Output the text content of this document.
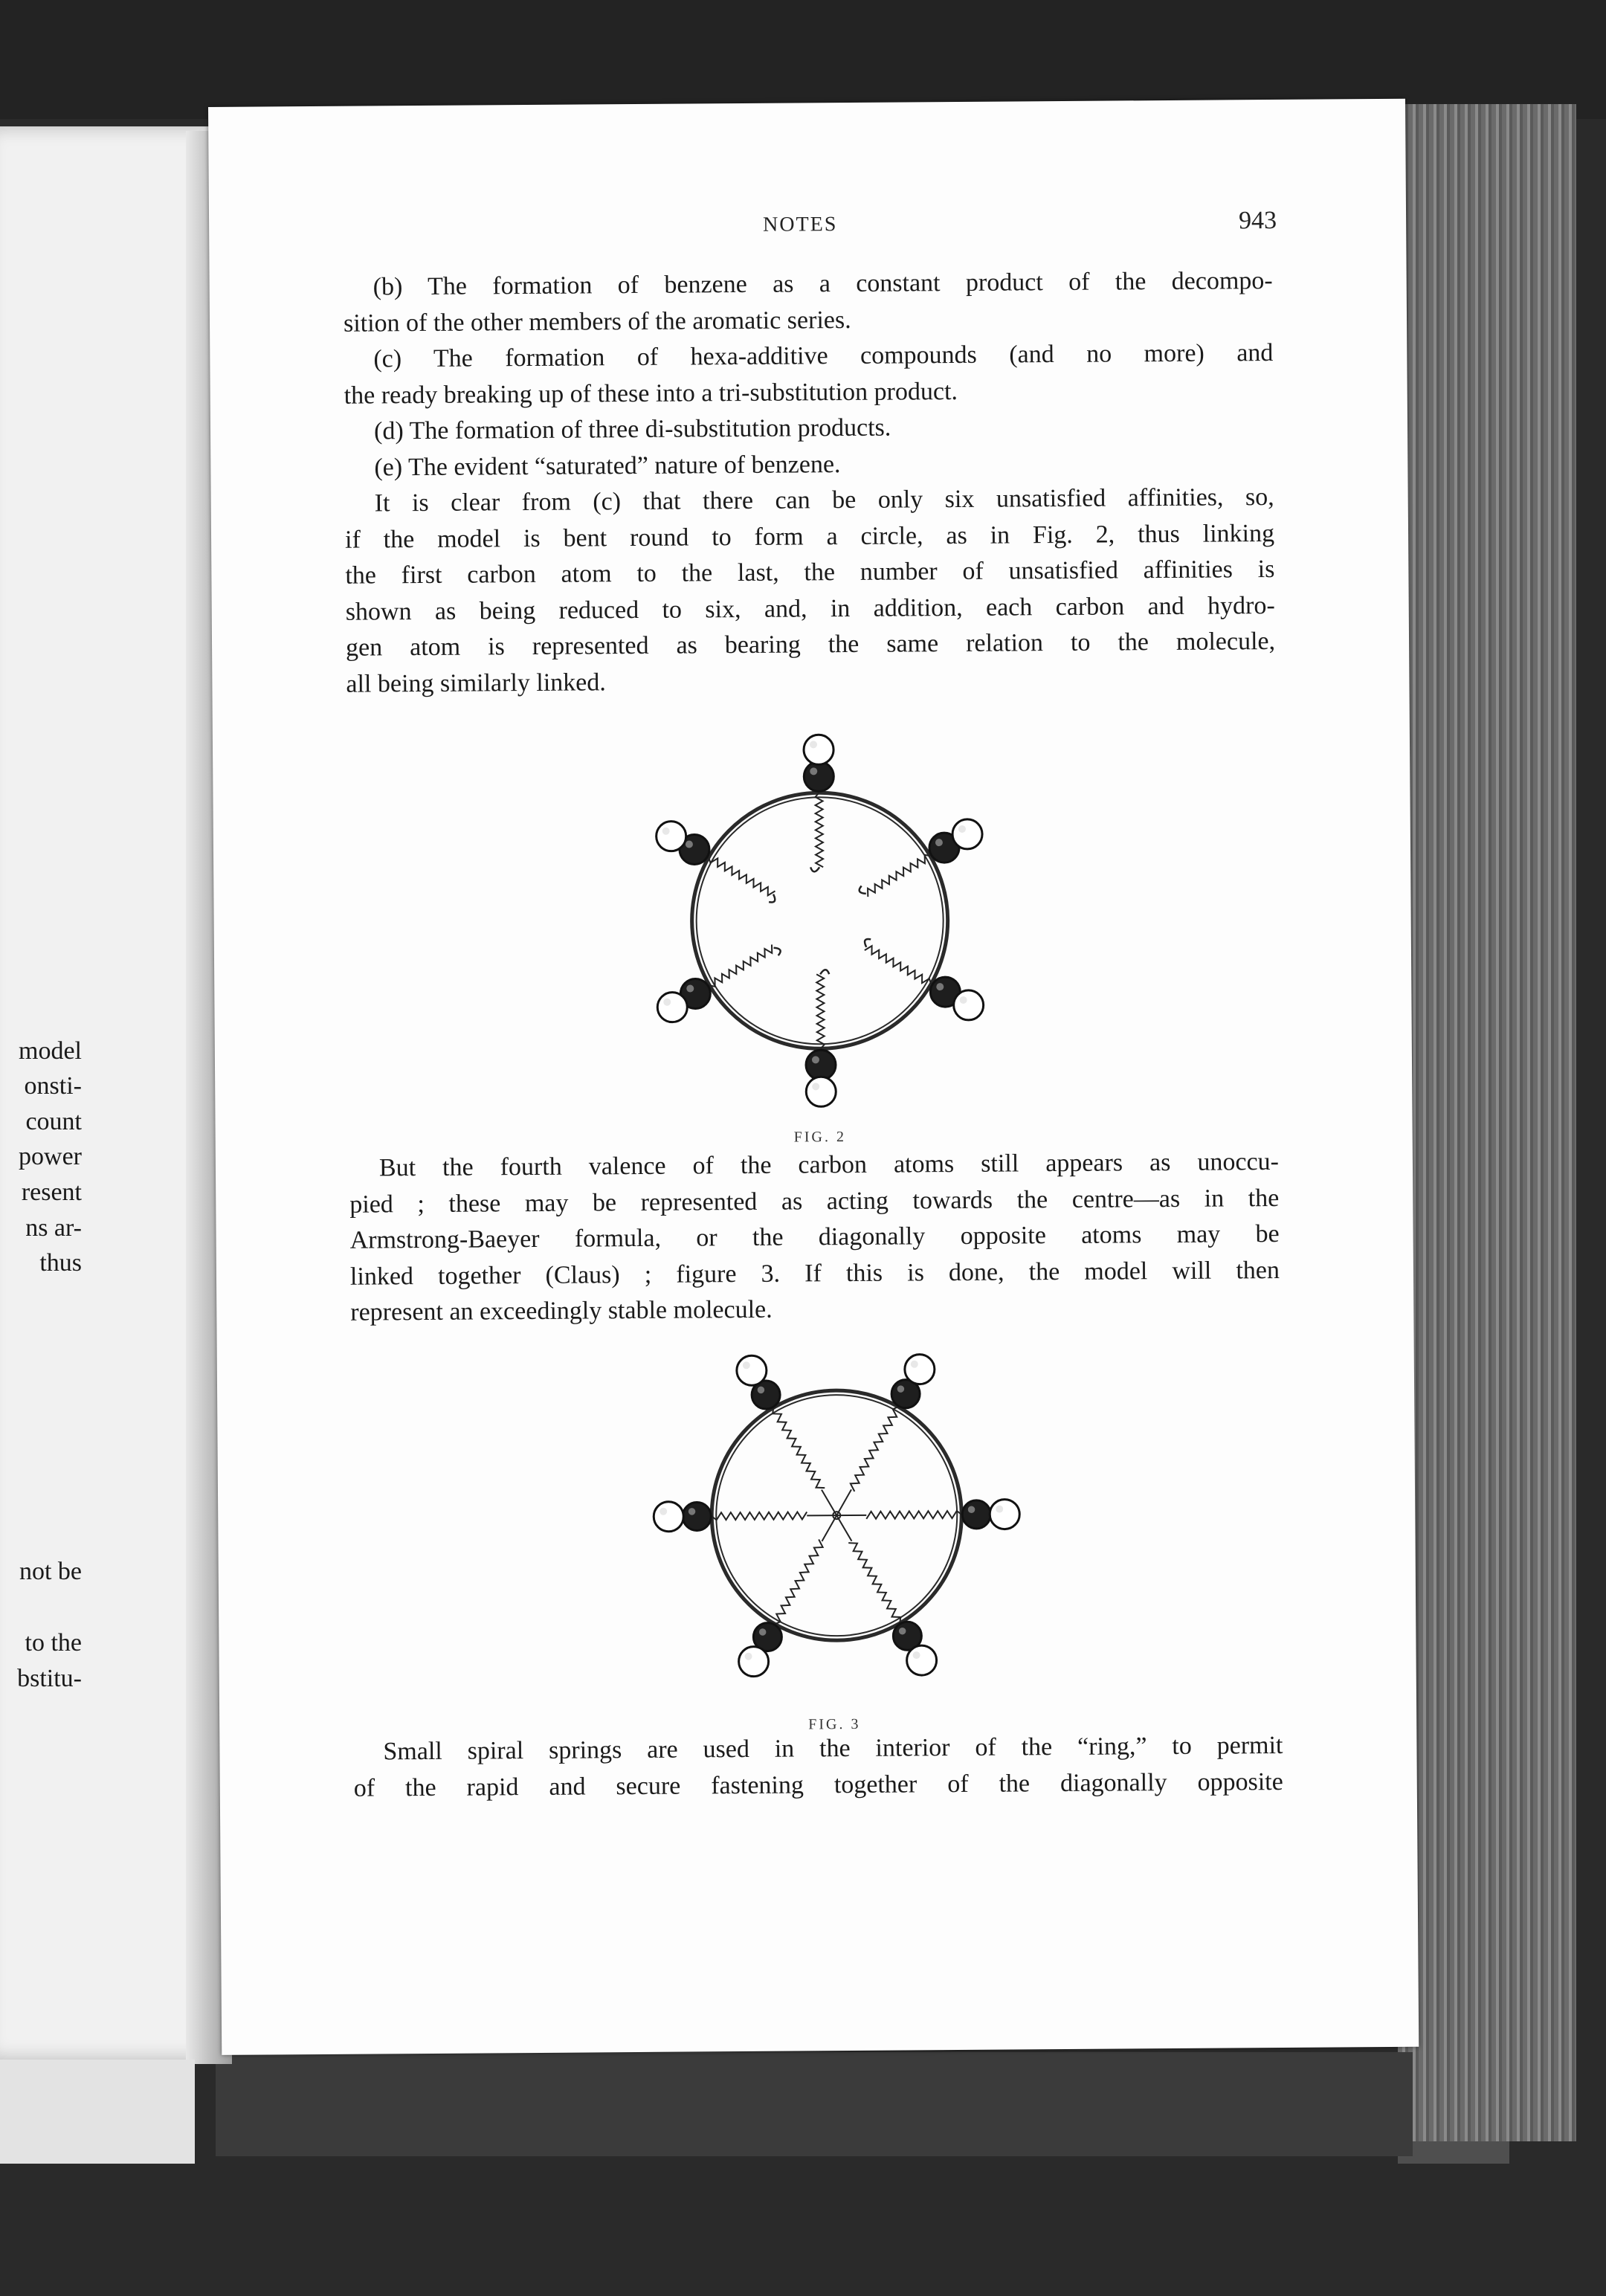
model
onsti-
count
power
resent
ns ar-
thus
not be
to the
bstitu-
NOTES	943
(b) The formation of benzene as a constant product of the decompo-
sition of the other members of the aromatic series.
(c) The formation of hexa-additive compounds (and no more) and
the ready breaking up of these into a tri-substitution product.
(d) The formation of three di-substitution products.
(e) The evident “saturated” nature of benzene.
It is clear from (c) that there can be only six unsatisfied affinities, so,
if the model is bent round to form a circle, as in Fig. 2, thus linking
the first carbon atom to the last, the number of unsatisfied affinities is
shown as being reduced to six, and, in addition, each carbon and hydro-
gen atom is represented as bearing the same relation to the molecule,
all being similarly linked.
FIG. 2
But the fourth valence of the carbon atoms still appears as unoccu-
pied ; these may be represented as acting towards the centre—as in the
Armstrong-Baeyer formula, or the diagonally opposite atoms may be
linked together (Claus) ; figure 3. If this is done, the model will then
represent an exceedingly stable molecule.
FIG. 3
Small spiral springs are used in the interior of the “ring,” to permit
of the rapid and secure fastening together of the diagonally opposite
